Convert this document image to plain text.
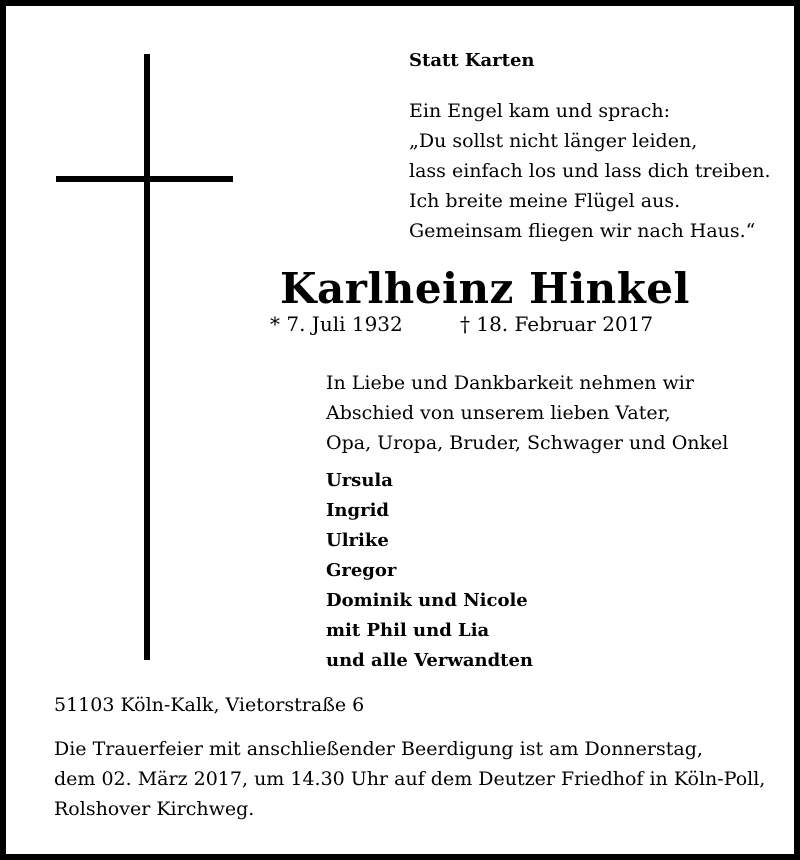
Statt Karten
Ein Engel kam und sprach:
„Du sollst nicht länger leiden,
lass einfach los und lass dich treiben.
Ich breite meine Flügel aus.
Gemeinsam fliegen wir nach Haus.“
Karlheinz Hinkel
* 7. Juli 1932	† 18. Februar 2017
In Liebe und Dankbarkeit nehmen wir
Abschied von unserem lieben Vater,
Opa, Uropa, Bruder, Schwager und Onkel
Ursula
Ingrid
Ulrike
Gregor
Dominik und Nicole
mit Phil und Lia
und alle Verwandten
51103 Köln-Kalk, Vietorstraße 6
Die Trauerfeier mit anschließender Beerdigung ist am Donnerstag,
dem 02. März 2017, um 14.30 Uhr auf dem Deutzer Friedhof in Köln-Poll,
Rolshover Kirchweg.
